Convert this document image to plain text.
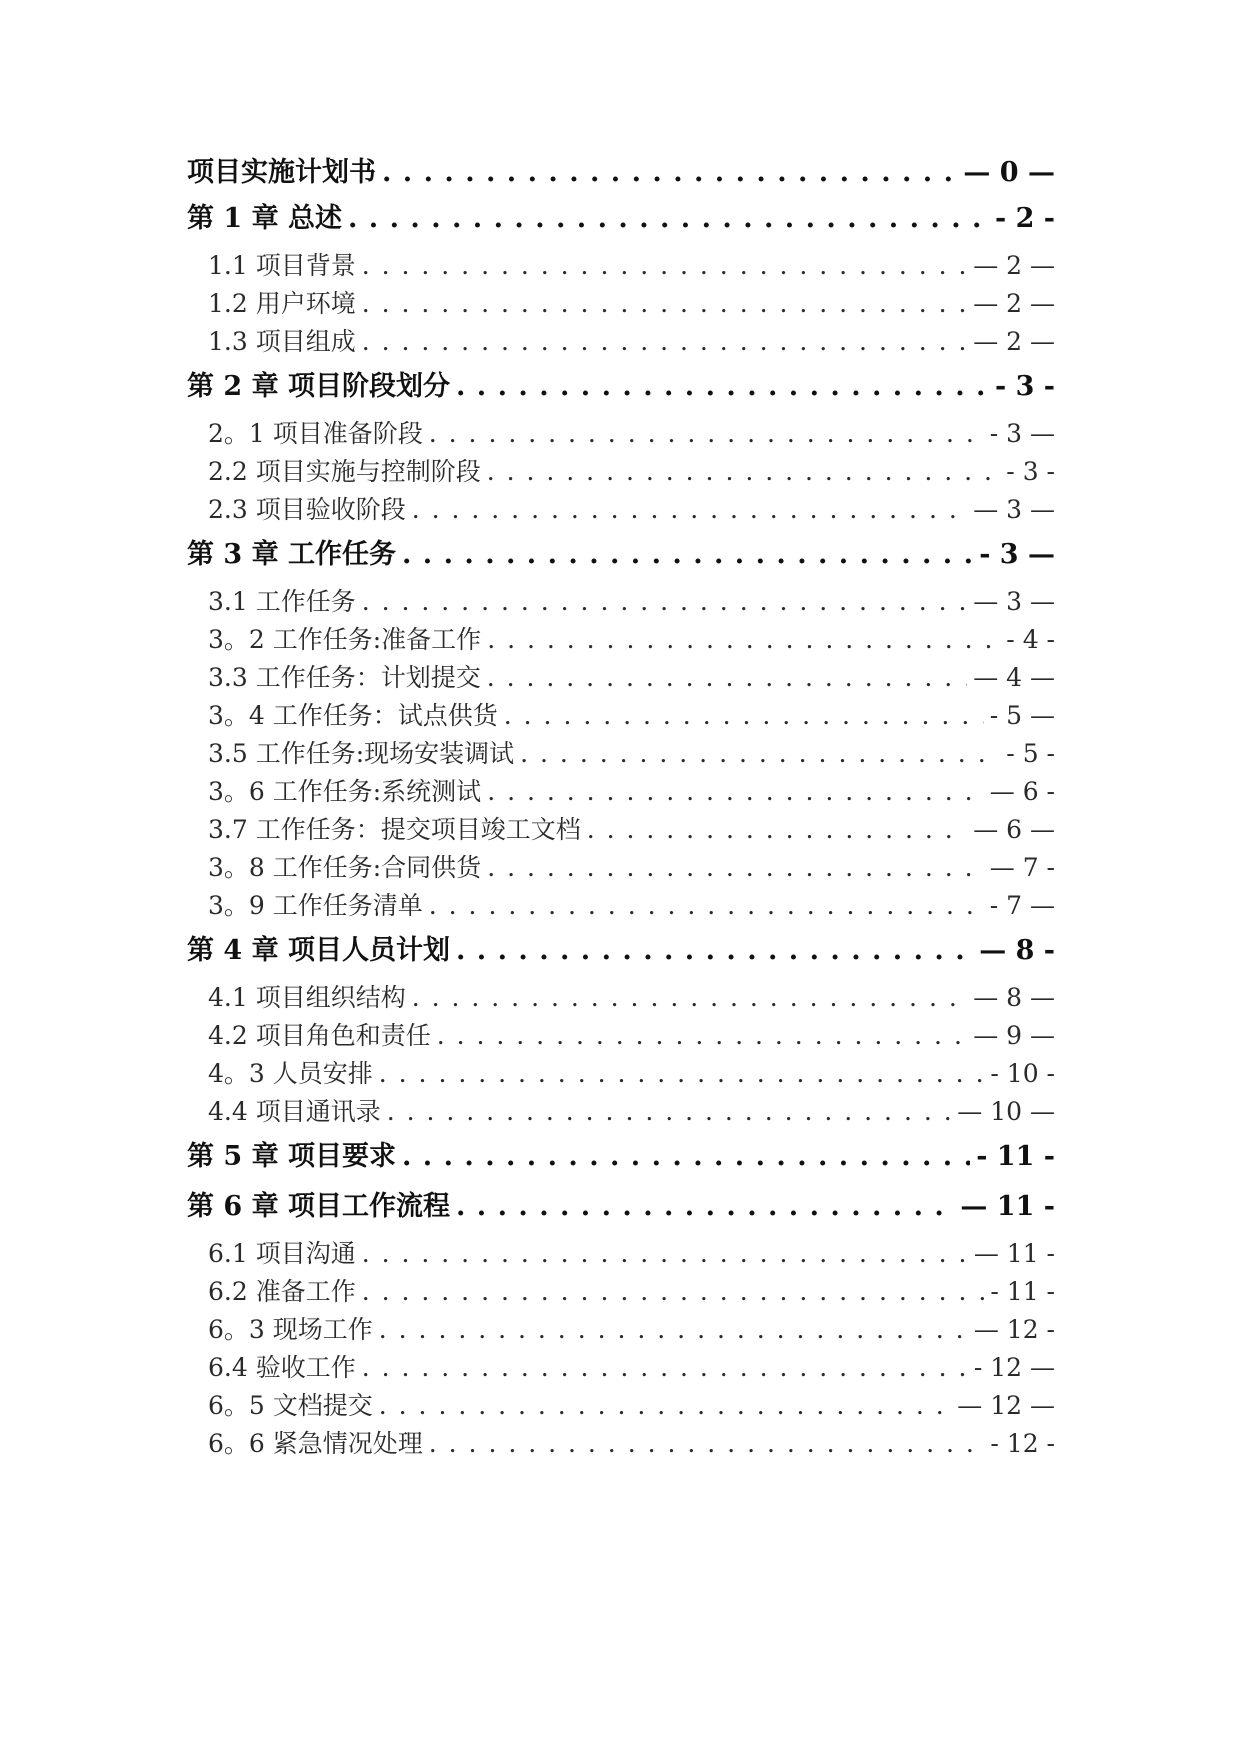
项目实施计划书 . . .	— 0 —
第 1 章 总述 . . .	- 2 -
1.1 项目背景 . . .	— 2 —
1.2 用户环境 . . .	— 2 —
1.3 项目组成 . . .	— 2 —
第 2 章 项目阶段划分 . . .	- 3 -
2。1 项目准备阶段 . . .	- 3 —
2.2 项目实施与控制阶段 . . .	- 3 -
2.3 项目验收阶段 . . .	— 3 —
第 3 章 工作任务 . . .	- 3 —
3.1 工作任务 . . .	— 3 —
3。2 工作任务:准备工作 . . .	- 4 -
3.3 工作任务：计划提交 . . .	— 4 —
3。4 工作任务：试点供货 . . .	- 5 —
3.5 工作任务:现场安装调试 . . .	- 5 -
3。6 工作任务:系统测试 . . .	— 6 -
3.7 工作任务：提交项目竣工文档 . . .	— 6 —
3。8 工作任务:合同供货 . . .	— 7 -
3。9 工作任务清单 . . .	- 7 —
第 4 章 项目人员计划 . . .	— 8 -
4.1 项目组织结构 . . .	— 8 —
4.2 项目角色和责任 . . .	— 9 —
4。3 人员安排 . . .	- 10 -
4.4 项目通讯录 . . .	— 10 —
第 5 章 项目要求 . . .	- 11 -
第 6 章 项目工作流程 . . .	— 11 -
6.1 项目沟通 . . .	— 11 -
6.2 准备工作 . . .	- 11 -
6。3 现场工作 . . .	— 12 -
6.4 验收工作 . . .	- 12 —
6。5 文档提交 . . .	— 12 —
6。6 紧急情况处理 . . .	- 12 -
